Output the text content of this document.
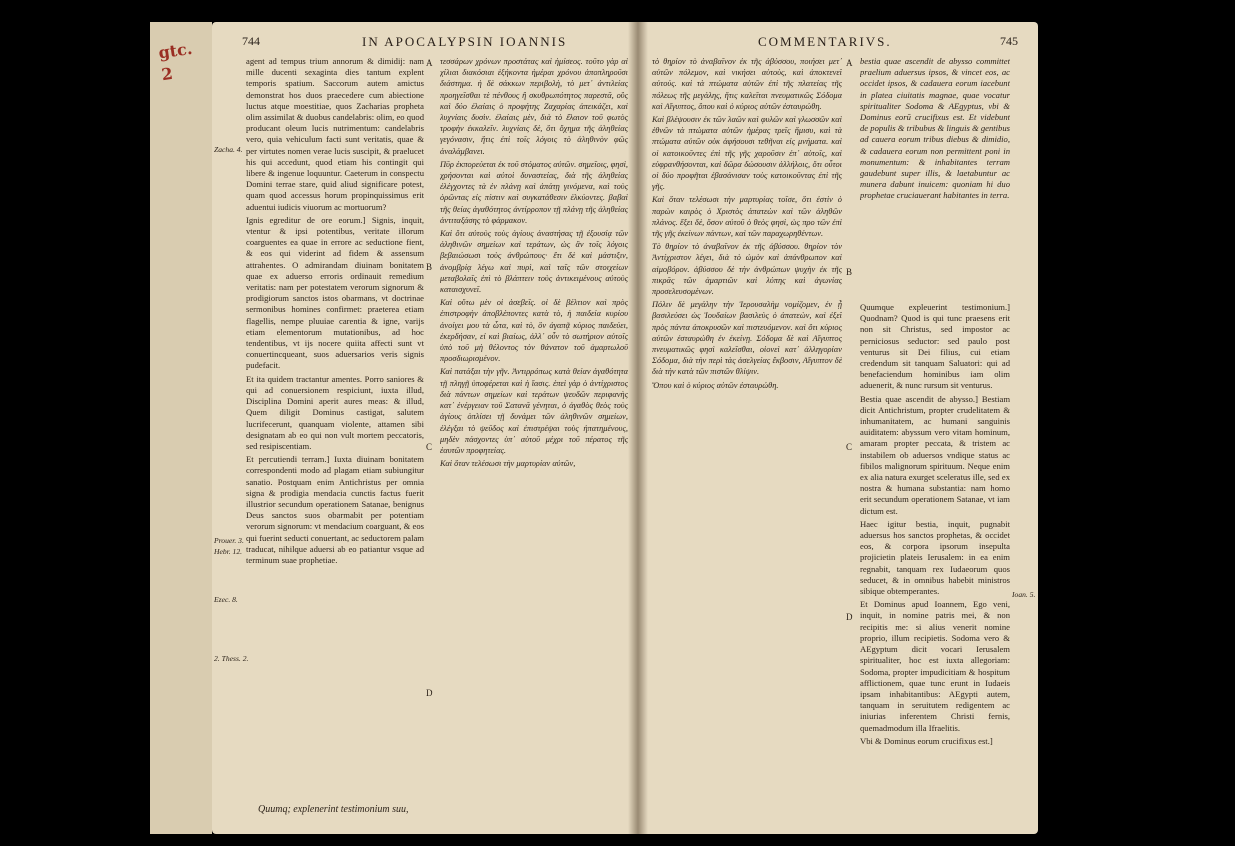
gtc.
2
744	IN APOCALYPSIN IOANNIS
Zacha. 4.
Prouer. 3.
Hebr. 12.
Ezec. 8.
2. Thess. 2.

agent ad tempus trium annorum & dimidij: nam mille ducenti sexaginta dies tantum explent temporis spatium. Saccorum autem amictus demonstrat hos duos praecedere cum abiectione luctus atque moestitiae, quos Zacharias propheta olim assimilat & duobus candelabris: olim, eo quod producant oleum lucis nutrimentum: candelabris vero, quia vehiculum facti sunt veritatis, quae & per virtutes nomen verae lucis suscipit, & praelucet his qui accedunt, quod etiam his contingit qui libere & ingenue loquuntur. Caeterum in conspectu Domini terrae stare, quid aliud significare potest, quam quod accessus horum propinquissimus erit aduentui iudicis viuorum ac mortuorum?

Ignis egreditur de ore eorum.] Signis, inquit, vtentur & ipsi potentibus, veritate illorum coarguentes ea quae in errore ac seductione fient, & eos qui viderint ad fidem & assensum attrahentes. O admirandam diuinam bonitatem quae ex aduerso erroris ordinauit remedium veritatis: nam per potestatem verorum signorum & prodigiorum sanctos istos obarmans, vt doctrinae sermonibus homines confirmet: praeterea etiam flagellis, nempe pluuiae carentia & igne, varijs etiam elementorum mutationibus, ad hoc tendentibus, vt ijs nocere quiita affecti sunt vt conuertincqueant, suos aduersarios veris signis pudefacit.

Et ita quidem tractantur amentes. Porro saniores & qui ad conuersionem respiciunt, iuxta illud, Disciplina Domini aperit aures meas: & illud, Quem diligit Dominus castigat, salutem lucrifecerunt, quanquam violente, attamen sibi designatam ab eo qui non vult mortem peccatoris, sed resipiscentiam.

Et percutiendi terram.] Iuxta diuinam bonitatem correspondenti modo ad plagam etiam subiungitur sanatio. Postquam enim Antichristus per omnia signa & prodigia mendacia cunctis factus fuerit illustrior secundum operationem Satanae, benignus Deus sanctos suos obarmabit per potentiam verorum signorum: vt mendacium coarguant, & eos qui fuerint seducti conuertant, ac seductorem palam traducat, nihilque aduersi ab eo patiantur vsque ad terminum suae prophetiae.

Quumq; explenerint testimonium suu,
A
B
C
D

τεσσάρων χρόνων προστάτας καὶ ἡμίσεος. τοῦτο γὰρ αἱ χίλιαι διακόσιαι ἑξήκοντα ἡμέραι χρόνου ἀποπληροῦσι διάστημα. ἡ δὲ σάκκων περιβολὴ, τὸ μετ᾽ ἀντιλείας προηγεῖσθαι τὲ πένθους ἢ σκυθρωπότητος παρεστᾶ, οὓς καὶ δύο ἐλαίαις ὁ προφήτης Ζαχαρίας ἀπεικάζει, καὶ λυχνίαις δυσὶν. ἐλαίαις μὲν, διὰ τὸ ἔλαιον τοῦ φωτὸς τροφὴν ἐκκαλεῖν. λυχνίαις δὲ, ὅτι ὄχημα τῆς ἀληθείας γεγόνασιν, ἥτις ἐπὶ τοῖς λόγοις τὸ ἀληθινὸν φῶς ἀναλάμβανει.

Πῦρ ἐκπορεύεται ἐκ τοῦ στόματος αὐτῶν. σημεῖοις, φησὶ, χρήσονται καὶ αὐτοὶ δυναστείας, διὰ τῆς ἀληθείας ἐλέγχοντες τὰ ἐν πλάνῃ καὶ ἀπάτῃ γινόμενα, καὶ τοὺς ὁρῶντας εἰς πίστιν καὶ συγκατάθεσιν ἑλκύοντες. βαβαὶ τῆς θείας ἀγαθότητος ἀντίρροπον τῇ πλάνῃ τῆς ἀληθείας ἀντιταξάσης τὸ φάρμακον.

Καὶ ὅτι αὐτοὺς τοὺς ἁγίους ἀναστήσας τῇ ἐξουσίᾳ τῶν ἀληθινῶν σημείων καὶ τεράτων, ὡς ἂν τοῖς λόγοις βεβαιώσωσι τοὺς ἀνθρώπους· ἔτι δὲ καὶ μάστιξιν, ἀνομβρίᾳ λέγω καὶ πυρὶ, καὶ ταῖς τῶν στοιχείων μεταβολαῖς ἐπὶ τὸ βλάπτειν τοὺς ἀντικειμένους αὐτοὺς καταισχυνεῖ.

Καὶ οὕτω μὲν οἱ ἀσεβεῖς. οἱ δὲ βέλτιον καὶ πρὸς ἐπιστροφὴν ἀποβλέποντες κατὰ τὸ, ἡ παιδεία κυρίου ἀνοίγει μου τὰ ὦτα, καὶ τὸ, ὃν ἀγαπᾷ κύριος παιδεύει, ἐκερδήσαν, εἰ καὶ βιαίως, ἀλλ᾽ οὖν τὸ σωτήριον αὐτοῖς ὑπὸ τοῦ μὴ θέλοντος τὸν θάνατον τοῦ ἁμαρτωλοῦ προσδιωρισμένον.

Καὶ πατάξαι τὴν γῆν. Ἀντιρρόπως κατὰ θείαν ἀγαθότητα τῇ πληγῇ ὑποφέρεται καὶ ἡ ἴασις. ἐπεὶ γὰρ ὁ ἀντίχριστος διὰ πάντων σημείων καὶ τεράτων ψευδῶν περιφανὴς κατ᾽ ἐνέργειαν τοῦ Σατανᾶ γένηται, ὁ ἀγαθὸς θεὸς τοὺς ἁγίους ὁπλίσει τῇ δυνάμει τῶν ἀληθινῶν σημείων, ἐλέγξαι τὸ ψεῦδος καὶ ἐπιστρέψαι τοὺς ἠπατημένους, μηδὲν πάσχοντες ὑπ᾽ αὐτοῦ μέχρι τοῦ πέρατος τῆς ἑαυτῶν προφητείας.

Καὶ ὅταν τελέσωσι τὴν μαρτυρίαν αὐτῶν,

COMMENTARIVS.	745

τὸ θηρίον τὸ ἀναβαῖνον ἐκ τῆς ἀβύσσου, ποιήσει μετ᾽ αὐτῶν πόλεμον, καὶ νικήσει αὐτοὺς, καὶ ἀποκτενεῖ αὐτούς. καὶ τὰ πτώματα αὐτῶν ἐπὶ τῆς πλατείας τῆς πόλεως τῆς μεγάλης, ἥτις καλεῖται πνευματικῶς Σόδομα καὶ Αἴγυπτος, ὅπου καὶ ὁ κύριος αὐτῶν ἐσταυρώθη.

Καὶ βλέψουσιν ἐκ τῶν λαῶν καὶ φυλῶν καὶ γλωσσῶν καὶ ἐθνῶν τὰ πτώματα αὐτῶν ἡμέρας τρεῖς ἥμισυ, καὶ τὰ πτώματα αὐτῶν οὐκ ἀφήσουσι τεθῆναι εἰς μνήματα. καὶ οἱ κατοικοῦντες ἐπὶ τῆς γῆς χαροῦσιν ἐπ᾽ αὐτοῖς, καὶ εὐφρανθήσονται, καὶ δῶρα δώσουσιν ἀλλήλοις, ὅτι οὗτοι οἱ δύο προφῆται ἐβασάνισαν τοὺς κατοικοῦντας ἐπὶ τῆς γῆς.

Καὶ ὅταν τελέσωσι τὴν μαρτυρίας τοῖσε, ὅτι ἐστὶν ὁ παρὼν καιρὸς ὁ Χριστὸς ἀπατεὼν καὶ τῶν ἀληθῶν πλάνος. ἔξει δὲ, ὅσον αὐτοῦ ὁ θεὸς φησὶ, ὡς προ τῶν ἐπὶ τῆς γῆς ἐκείνων πάντων, καὶ τῶν παραχωρηθέντων.

Τὸ θηρίον τὸ ἀναβαῖνον ἐκ τῆς ἀβύσσου. θηρίον τὸν Ἀντίχριστον λέγει, διὰ τὸ ὠμὸν καὶ ἀπάνθρωπον καὶ αἱμοβόρον. ἀβύσσου δὲ τὴν ἀνθρώπων ψυχὴν ἐκ τῆς πικρᾶς τῶν ἁμαρτιῶν καὶ λύπης καὶ ἀγωνίας προσελευσομένων.

Πόλιν δὲ μεγάλην τὴν Ἱερουσαλὴμ νομίζομεν, ἐν ᾗ βασιλεύσει ὡς Ἰουδαίων βασιλεὺς ὁ ἀπατεὼν, καὶ ἐξεῖ πρὸς πάντα ἀποκρυσῶν καὶ πιστευόμενον. καὶ ὅτι κύριος αὐτῶν ἐσταυρώθη ἐν ἐκείνῃ. Σόδομα δὲ καὶ Αἴγυπτος πνευματικῶς φησὶ καλεῖσθαι, οἰονεὶ κατ᾽ ἀλληγορίαν Σόδομα, διὰ τὴν περὶ τὰς ἀσελγείας ἔκβοσιν, Αἴγυπτον δὲ διὰ τὴν κατὰ τῶν πιστῶν θλίψιν.

Ὅπου καὶ ὁ κύριος αὐτῶν ἐσταυρώθη.

A
B
C
D

bestia quae ascendit de abysso committet praelium aduersus ipsos, & vincet eos, ac occidet ipsos, & cadauera eorum iacebunt in platea ciuitatis magnae, quae vocatur spiritualiter Sodoma & AEgyptus, vbi & Dominus eorū crucifixus est. Et videbunt de populis & tribubus & linguis & gentibus ad cauera eorum tribus diebus & dimidio, & cadauera eorum non permittent poni in monumentum: & inhabitantes terram gaudebunt super illis, & laetabuntur ac munera dabunt inuicem: quoniam hi duo prophetae cruciauerant habitantes in terra.

Quumque expleuerint testimonium.] Quodnam? Quod is qui tunc praesens erit non sit Christus, sed impostor ac perniciosus seductor: sed paulo post venturus sit Dei filius, cui etiam credendum sit tanquam Saluatori: qui ad benefaciendum hominibus iam olim aduenerit, & nunc rursum sit venturus.

Bestia quae ascendit de abysso.] Bestiam dicit Antichristum, propter crudelitatem & inhumanitatem, ac humani sanguinis auiditatem: abyssum vero vitam hominum, amaram propter peccata, & tristem ac instabilem ob aduersos vndique status ac fibilos malignorum spirituum. Neque enim ex alia natura exurget sceleratus ille, sed ex nostra & humana substantia: nam homo erit secundum operationem Satanae, vt iam dictum est.

Haec igitur bestia, inquit, pugnabit aduersus hos sanctos prophetas, & occidet eos, & corpora ipsorum insepulta projicietin plateis Ierusalem: in ea enim regnabit, tanquam rex Iudaeorum quos seducet, & in omnibus habebit ministros sibique obtemperantes.

Et Dominus apud Ioannem, Ego veni, inquit, in nomine patris mei, & non recipitis me: si alius venerit nomine proprio, illum recipietis. Sodoma vero & AEgyptum dicit vocari Ierusalem spiritualiter, hoc est iuxta allegoriam: Sodoma, propter impudicitiam & hospitum afflictionem, quae tunc erunt in Iudaeis ipsam inhabitantibus: AEgypti autem, tanquam in seruitutem redigentem ac iniurias inferentem Christi fernis, quemadmodum illa Ifraelitis.

Vbi & Dominus eorum crucifixus est.]

Ioan. 5.
